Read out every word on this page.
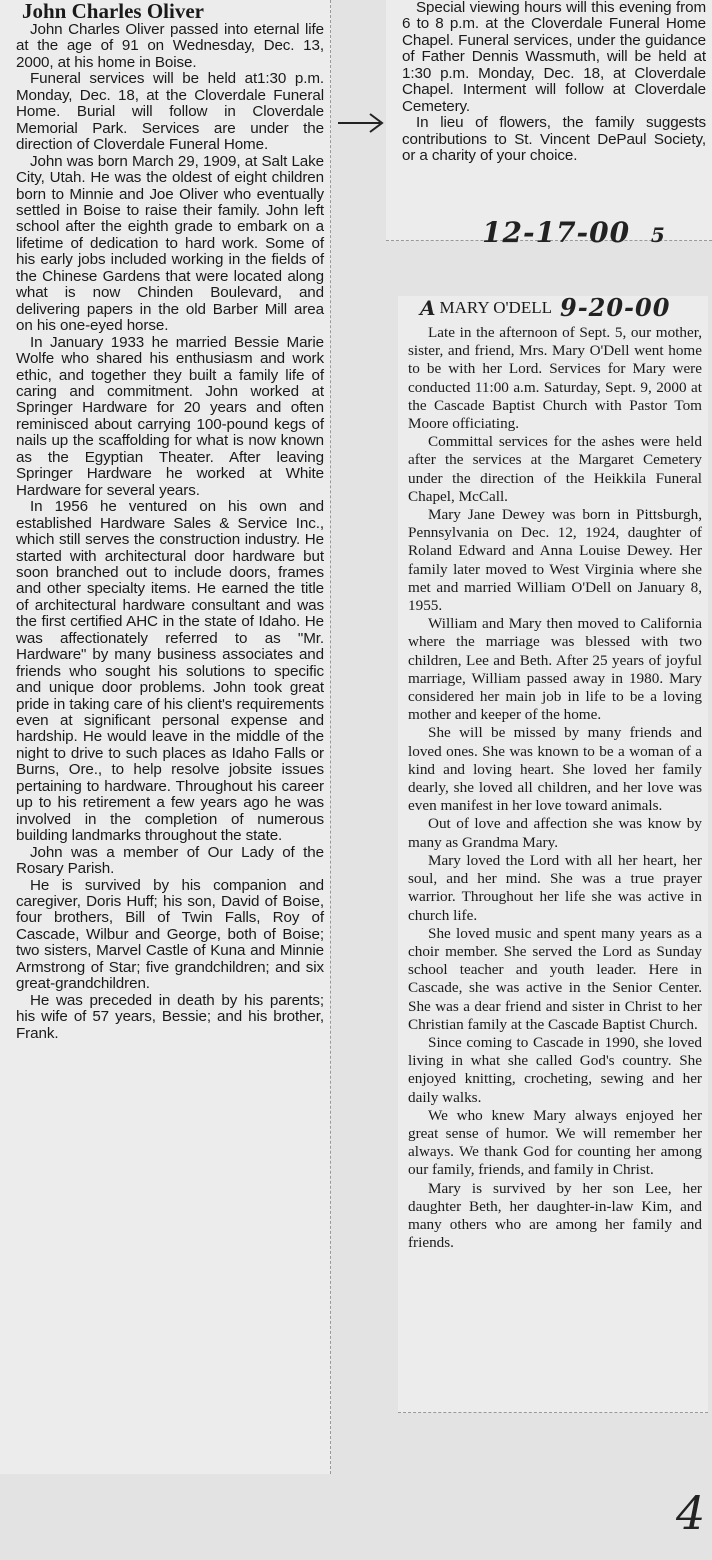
John Charles Oliver

John Charles Oliver passed into eternal life at the age of 91 on Wednesday, Dec. 13, 2000, at his home in Boise.

Funeral services will be held at1:30 p.m. Monday, Dec. 18, at the Cloverdale Funeral Home. Burial will follow in Cloverdale Memorial Park. Services are under the direction of Cloverdale Funeral Home.

John was born March 29, 1909, at Salt Lake City, Utah. He was the oldest of eight children born to Minnie and Joe Oliver who eventually settled in Boise to raise their family. John left school after the eighth grade to embark on a lifetime of dedication to hard work. Some of his early jobs included working in the fields of the Chinese Gardens that were located along what is now Chinden Boulevard, and delivering papers in the old Barber Mill area on his one-eyed horse.

In January 1933 he married Bessie Marie Wolfe who shared his enthusiasm and work ethic, and together they built a family life of caring and commitment. John worked at Springer Hardware for 20 years and often reminisced about carrying 100-pound kegs of nails up the scaffolding for what is now known as the Egyptian Theater. After leaving Springer Hardware he worked at White Hardware for several years.

In 1956 he ventured on his own and established Hardware Sales & Service Inc., which still serves the construction industry. He started with architectural door hardware but soon branched out to include doors, frames and other specialty items. He earned the title of architectural hardware consultant and was the first certified AHC in the state of Idaho. He was affectionately referred to as "Mr. Hardware" by many business associates and friends who sought his solutions to specific and unique door problems. John took great pride in taking care of his client's requirements even at significant personal expense and hardship. He would leave in the middle of the night to drive to such places as Idaho Falls or Burns, Ore., to help resolve jobsite issues pertaining to hardware. Throughout his career up to his retirement a few years ago he was involved in the completion of numerous building landmarks throughout the state.

John was a member of Our Lady of the Rosary Parish.

He is survived by his companion and caregiver, Doris Huff; his son, David of Boise, four brothers, Bill of Twin Falls, Roy of Cascade, Wilbur and George, both of Boise; two sisters, Marvel Castle of Kuna and Minnie Armstrong of Star; five grandchildren; and six great-grandchildren.

He was preceded in death by his parents; his wife of 57 years, Bessie; and his brother, Frank.

Special viewing hours will this evening from 6 to 8 p.m. at the Cloverdale Funeral Home Chapel. Funeral services, under the guidance of Father Dennis Wassmuth, will be held at 1:30 p.m. Monday, Dec. 18, at Cloverdale Chapel. Interment will follow at Cloverdale Cemetery.

In lieu of flowers, the family suggests contributions to St. Vincent DePaul Society, or a charity of your choice.

12-17-00 5
A MARY O'DELL 9-20-00

Late in the afternoon of Sept. 5, our mother, sister, and friend, Mrs. Mary O'Dell went home to be with her Lord. Services for Mary were conducted 11:00 a.m. Saturday, Sept. 9, 2000 at the Cascade Baptist Church with Pastor Tom Moore officiating.

Committal services for the ashes were held after the services at the Margaret Cemetery under the direction of the Heikkila Funeral Chapel, McCall.

Mary Jane Dewey was born in Pittsburgh, Pennsylvania on Dec. 12, 1924, daughter of Roland Edward and Anna Louise Dewey. Her family later moved to West Virginia where she met and married William O'Dell on January 8, 1955.

William and Mary then moved to California where the marriage was blessed with two children, Lee and Beth. After 25 years of joyful marriage, William passed away in 1980. Mary considered her main job in life to be a loving mother and keeper of the home.

She will be missed by many friends and loved ones. She was known to be a woman of a kind and loving heart. She loved her family dearly, she loved all children, and her love was even manifest in her love toward animals.

Out of love and affection she was know by many as Grandma Mary.

Mary loved the Lord with all her heart, her soul, and her mind. She was a true prayer warrior. Throughout her life she was active in church life.

She loved music and spent many years as a choir member. She served the Lord as Sunday school teacher and youth leader. Here in Cascade, she was active in the Senior Center. She was a dear friend and sister in Christ to her Christian family at the Cascade Baptist Church.

Since coming to Cascade in 1990, she loved living in what she called God's country. She enjoyed knitting, crocheting, sewing and her daily walks.

We who knew Mary always enjoyed her great sense of humor. We will remember her always. We thank God for counting her among our family, friends, and family in Christ.

Mary is survived by her son Lee, her daughter Beth, her daughter-in-law Kim, and many others who are among her family and friends.

4
